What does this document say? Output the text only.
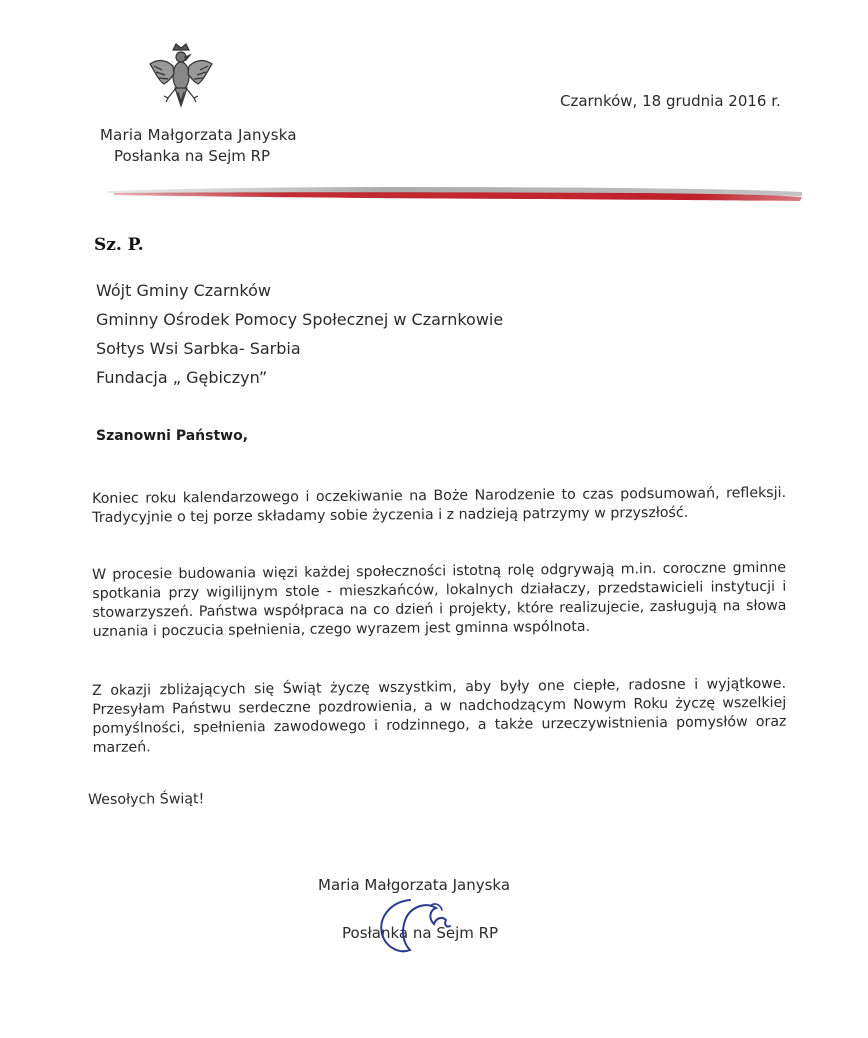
Maria Małgorzata Janyska
Posłanka na Sejm RP
Czarnków, 18 grudnia 2016 r.
Sz. P.
Wójt Gminy Czarnków
Gminny Ośrodek Pomocy Społecznej w Czarnkowie
Sołtys Wsi Sarbka- Sarbia
Fundacja „ Gębiczyn”
Szanowni Państwo,

Koniec roku kalendarzowego i oczekiwanie na Boże Narodzenie to czas podsumowań, refleksji. Tradycyjnie o tej porze składamy sobie życzenia i z nadzieją patrzymy w przyszłość.

W procesie budowania więzi każdej społeczności istotną rolę odgrywają m.in. coroczne gminne spotkania przy wigilijnym stole - mieszkańców, lokalnych działaczy, przedstawicieli instytucji i stowarzyszeń. Państwa współpraca na co dzień i projekty, które realizujecie, zasługują na słowa uznania i poczucia spełnienia, czego wyrazem jest gminna wspólnota.

Z okazji zbliżających się Świąt życzę wszystkim, aby były one ciepłe, radosne i wyjątkowe. Przesyłam Państwu serdeczne pozdrowienia, a w nadchodzącym Nowym Roku życzę wszelkiej pomyślności, spełnienia zawodowego i rodzinnego, a także urzeczywistnienia pomysłów oraz marzeń.

Wesołych Świąt!
Maria Małgorzata Janyska
Posłanka na Sejm RP
